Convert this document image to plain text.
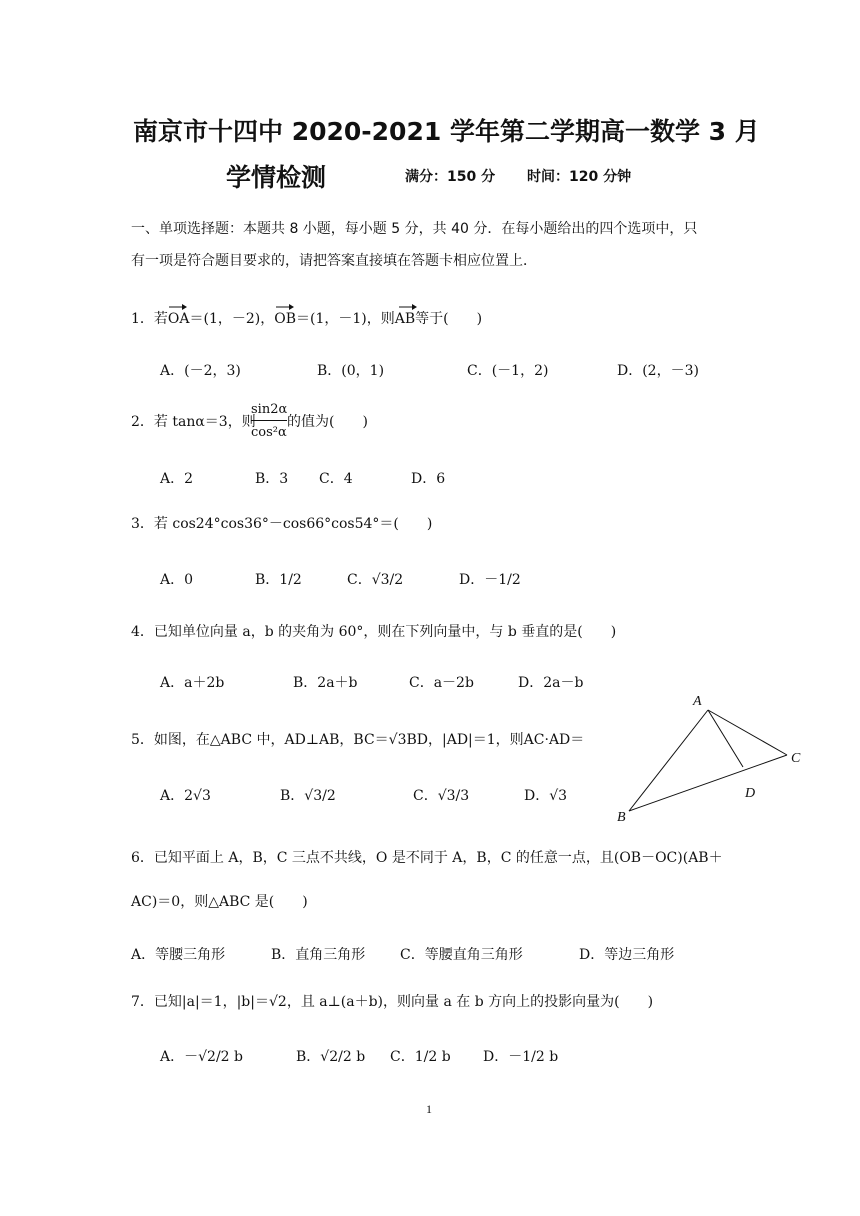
南京市十四中 2020-2021 学年第二学期高一数学 3 月
学情检测	满分：150 分 时间：120 分钟
一、单项选择题：本题共 8 小题，每小题 5 分，共 40 分．在每小题给出的四个选项中，只
有一项是符合题目要求的，请把答案直接填在答题卡相应位置上．
1．若OA＝(1，－2)，OB＝(1，－1)，则AB等于(　　)
A．(－2，3)	B．(0，1)	C．(－1，2)	D．(2，－3)
2．若 tanα＝3，则
sin2α
cos²α
的值为(　　)
A．2	B．3 C．4	D．6
3．若 cos24°cos36°－cos66°cos54°＝(　　)
A．0	B．1/2	C．√3/2	D．－1/2
4．已知单位向量 a，b 的夹角为 60°，则在下列向量中，与 b 垂直的是(　　)
A．a＋2b	B．2a＋b	C．a－2b	D．2a－b
5．如图，在△ABC 中，AD⊥AB，BC＝√3BD，|AD|＝1，则AC·AD＝
A．2√3	B．√3/2	C．√3/3	D．√3
A
C
D
B
6．已知平面上 A，B，C 三点不共线，O 是不同于 A，B，C 的任意一点，且(OB－OC)(AB＋
AC)＝0，则△ABC 是(　　)
A．等腰三角形	B．直角三角形 C．等腰直角三角形	D．等边三角形
7．已知|a|＝1，|b|＝√2，且 a⊥(a＋b)，则向量 a 在 b 方向上的投影向量为(　　)
A．－√2/2 b	B．√2/2 b C．1/2 b D．－1/2 b
1
